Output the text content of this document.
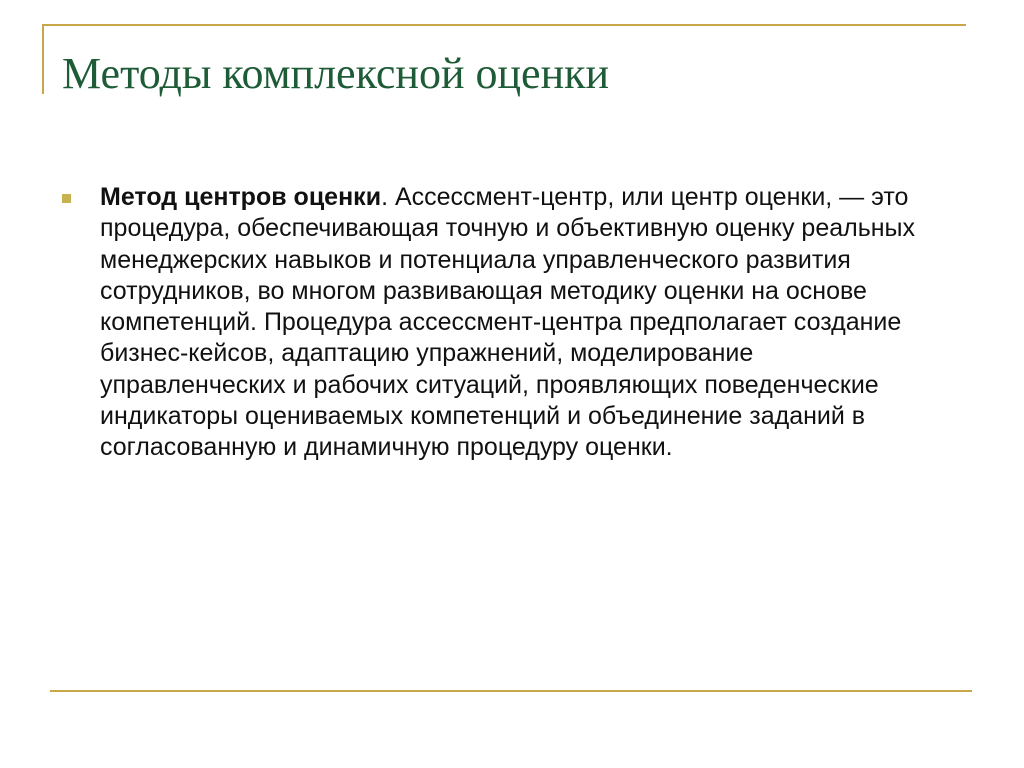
Методы комплексной оценки
Метод центров оценки. Ассессмент-центр, или центр оценки, — это процедура, обеспечивающая точную и объективную оценку реальных менеджерских навыков и потенциала управленческого развития сотрудников, во многом развивающая методику оценки на основе компетенций. Процедура ассессмент-центра предполагает создание бизнес-кейсов, адаптацию упражнений, моделирование управленческих и рабочих ситуаций, проявляющих поведенческие индикаторы оцениваемых компетенций и объединение заданий в согласованную и динамичную процедуру оценки.
